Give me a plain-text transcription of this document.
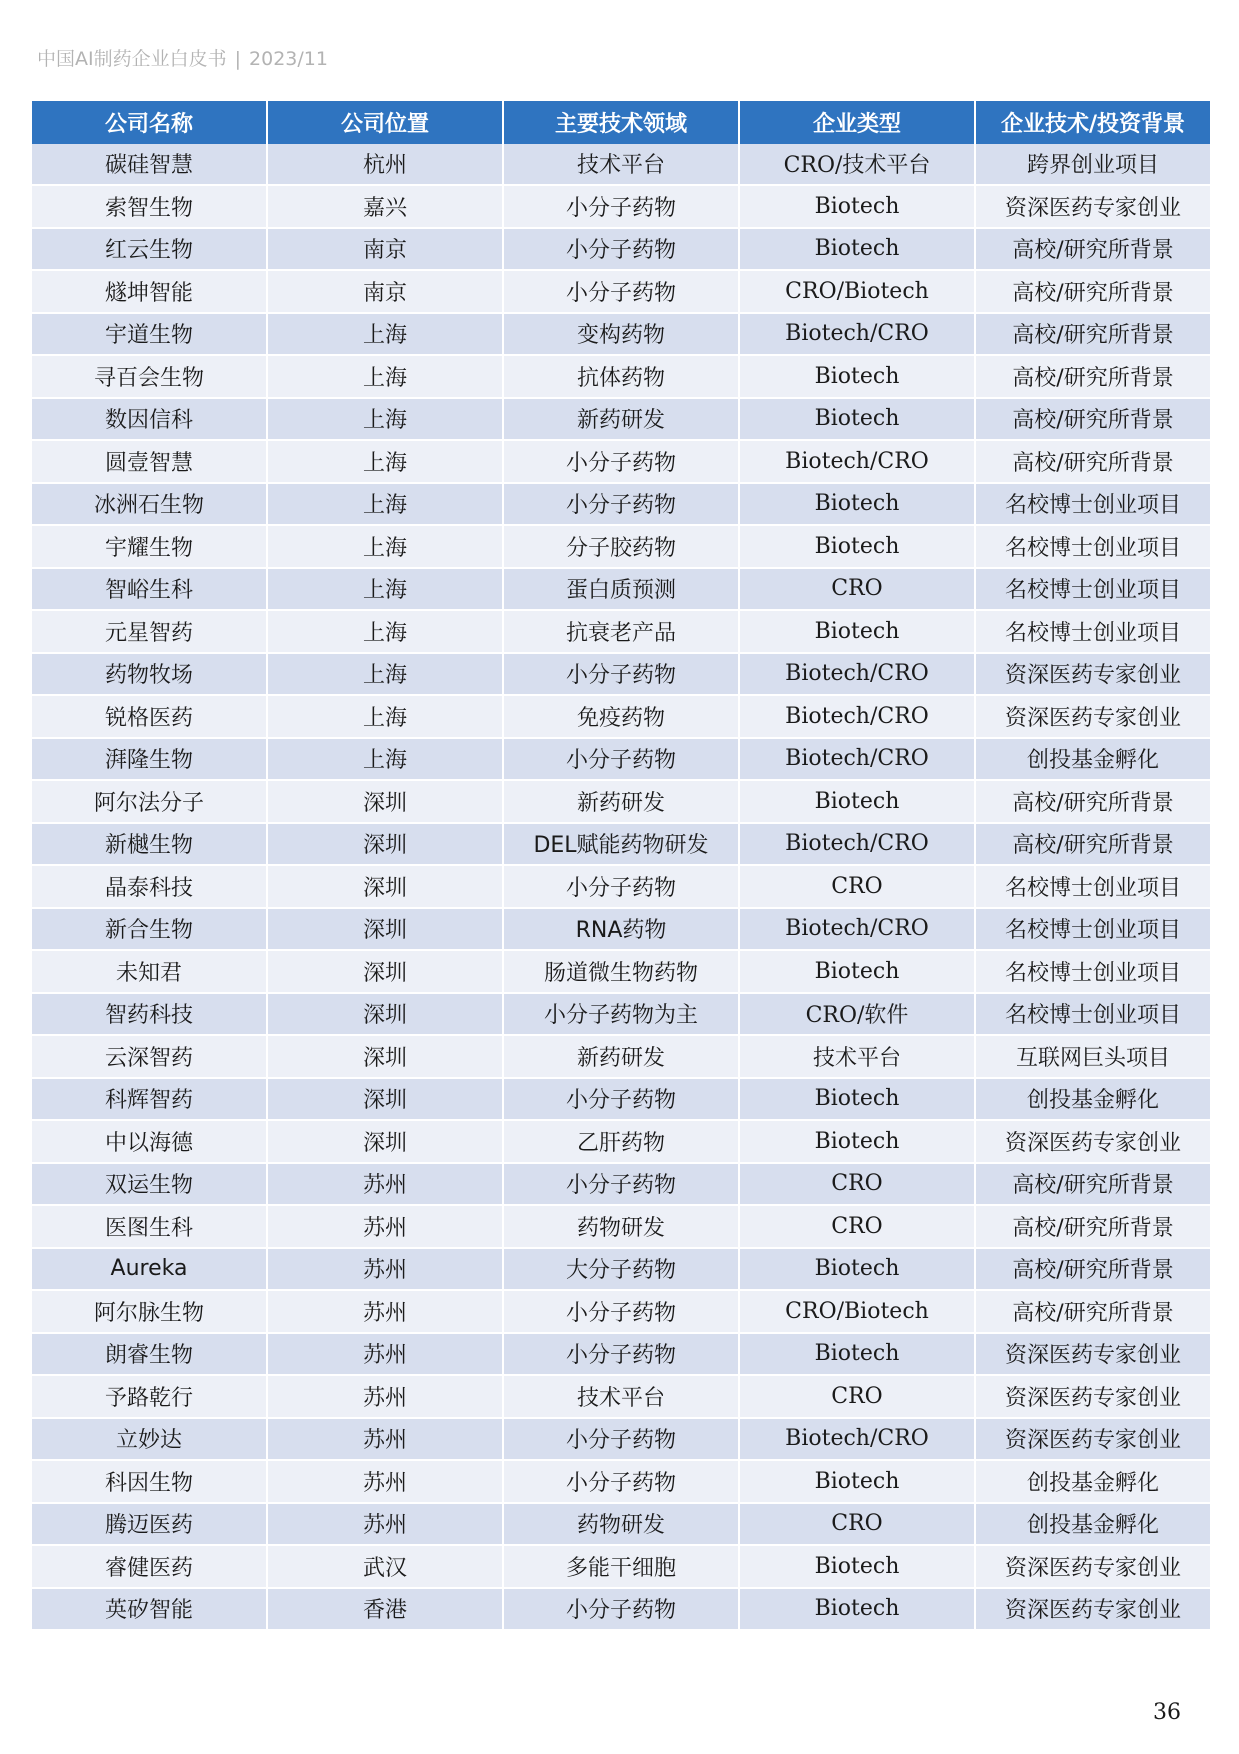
中国AI制药企业白皮书 | 2023/11
公司名称	公司位置	主要技术领域	企业类型	企业技术/投资背景
碳硅智慧	杭州	技术平台	CRO/技术平台	跨界创业项目
索智生物	嘉兴	小分子药物	Biotech	资深医药专家创业
红云生物	南京	小分子药物	Biotech	高校/研究所背景
燧坤智能	南京	小分子药物	CRO/Biotech	高校/研究所背景
宇道生物	上海	变构药物	Biotech/CRO	高校/研究所背景
寻百会生物	上海	抗体药物	Biotech	高校/研究所背景
数因信科	上海	新药研发	Biotech	高校/研究所背景
圆壹智慧	上海	小分子药物	Biotech/CRO	高校/研究所背景
冰洲石生物	上海	小分子药物	Biotech	名校博士创业项目
宇耀生物	上海	分子胶药物	Biotech	名校博士创业项目
智峪生科	上海	蛋白质预测	CRO	名校博士创业项目
元星智药	上海	抗衰老产品	Biotech	名校博士创业项目
药物牧场	上海	小分子药物	Biotech/CRO	资深医药专家创业
锐格医药	上海	免疫药物	Biotech/CRO	资深医药专家创业
湃隆生物	上海	小分子药物	Biotech/CRO	创投基金孵化
阿尔法分子	深圳	新药研发	Biotech	高校/研究所背景
新樾生物	深圳	DEL赋能药物研发	Biotech/CRO	高校/研究所背景
晶泰科技	深圳	小分子药物	CRO	名校博士创业项目
新合生物	深圳	RNA药物	Biotech/CRO	名校博士创业项目
未知君	深圳	肠道微生物药物	Biotech	名校博士创业项目
智药科技	深圳	小分子药物为主	CRO/软件	名校博士创业项目
云深智药	深圳	新药研发	技术平台	互联网巨头项目
科辉智药	深圳	小分子药物	Biotech	创投基金孵化
中以海德	深圳	乙肝药物	Biotech	资深医药专家创业
双运生物	苏州	小分子药物	CRO	高校/研究所背景
医图生科	苏州	药物研发	CRO	高校/研究所背景
Aureka	苏州	大分子药物	Biotech	高校/研究所背景
阿尔脉生物	苏州	小分子药物	CRO/Biotech	高校/研究所背景
朗睿生物	苏州	小分子药物	Biotech	资深医药专家创业
予路乾行	苏州	技术平台	CRO	资深医药专家创业
立妙达	苏州	小分子药物	Biotech/CRO	资深医药专家创业
科因生物	苏州	小分子药物	Biotech	创投基金孵化
腾迈医药	苏州	药物研发	CRO	创投基金孵化
睿健医药	武汉	多能干细胞	Biotech	资深医药专家创业
英矽智能	香港	小分子药物	Biotech	资深医药专家创业
36
